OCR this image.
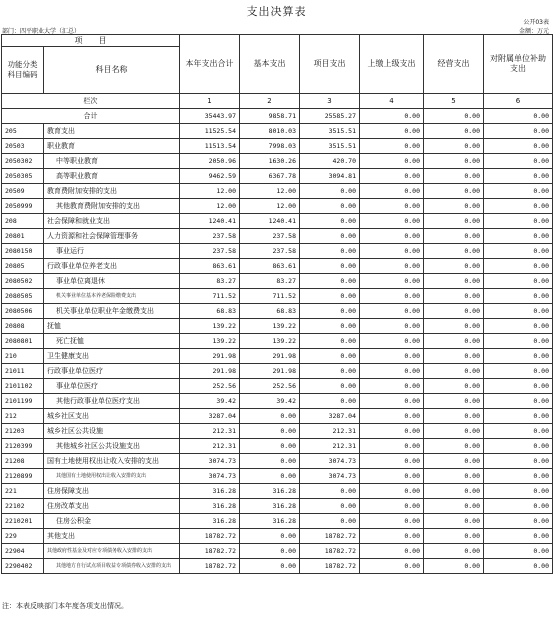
支出决算表
公开03表
部门：四平职业大学（汇总）	金额：万元
项　　目		本年支出合计	基本支出	项目支出	上缴上级支出	经营支出	对附属单位补助支出
功能分类科目编码	科目名称						
栏次		1	2	3	4	5	6
合计		35443.97	9858.71	25585.27	0.00	0.00	0.00
205	教育支出	11525.54	8010.03	3515.51	0.00	0.00	0.00
20503	职业教育	11513.54	7998.03	3515.51	0.00	0.00	0.00
2050302	中等职业教育	2050.96	1630.26	420.70	0.00	0.00	0.00
2050305	高等职业教育	9462.59	6367.78	3094.81	0.00	0.00	0.00
20509	教育费附加安排的支出	12.00	12.00	0.00	0.00	0.00	0.00
2050999	其他教育费附加安排的支出	12.00	12.00	0.00	0.00	0.00	0.00
208	社会保障和就业支出	1240.41	1240.41	0.00	0.00	0.00	0.00
20801	人力资源和社会保障管理事务	237.58	237.58	0.00	0.00	0.00	0.00
2080150	事业运行	237.58	237.58	0.00	0.00	0.00	0.00
20805	行政事业单位养老支出	863.61	863.61	0.00	0.00	0.00	0.00
2080502	事业单位离退休	83.27	83.27	0.00	0.00	0.00	0.00
2080505	机关事业单位基本养老保险缴费支出	711.52	711.52	0.00	0.00	0.00	0.00
2080506	机关事业单位职业年金缴费支出	68.83	68.83	0.00	0.00	0.00	0.00
20808	抚恤	139.22	139.22	0.00	0.00	0.00	0.00
2080801	死亡抚恤	139.22	139.22	0.00	0.00	0.00	0.00
210	卫生健康支出	291.98	291.98	0.00	0.00	0.00	0.00
21011	行政事业单位医疗	291.98	291.98	0.00	0.00	0.00	0.00
2101102	事业单位医疗	252.56	252.56	0.00	0.00	0.00	0.00
2101199	其他行政事业单位医疗支出	39.42	39.42	0.00	0.00	0.00	0.00
212	城乡社区支出	3287.04	0.00	3287.04	0.00	0.00	0.00
21203	城乡社区公共设施	212.31	0.00	212.31	0.00	0.00	0.00
2120399	其他城乡社区公共设施支出	212.31	0.00	212.31	0.00	0.00	0.00
21208	国有土地使用权出让收入安排的支出	3074.73	0.00	3074.73	0.00	0.00	0.00
2120899	其他国有土地使用权出让收入安排的支出	3074.73	0.00	3074.73	0.00	0.00	0.00
221	住房保障支出	316.28	316.28	0.00	0.00	0.00	0.00
22102	住房改革支出	316.28	316.28	0.00	0.00	0.00	0.00
2210201	住房公积金	316.28	316.28	0.00	0.00	0.00	0.00
229	其他支出	18782.72	0.00	18782.72	0.00	0.00	0.00
22904	其他政府性基金及对应专项债务收入安排的支出	18782.72	0.00	18782.72	0.00	0.00	0.00
2290402	其他地方自行试点项目收益专项债券收入安排的支出	18782.72	0.00	18782.72	0.00	0.00	0.00
注：本表反映部门本年度各项支出情况。
